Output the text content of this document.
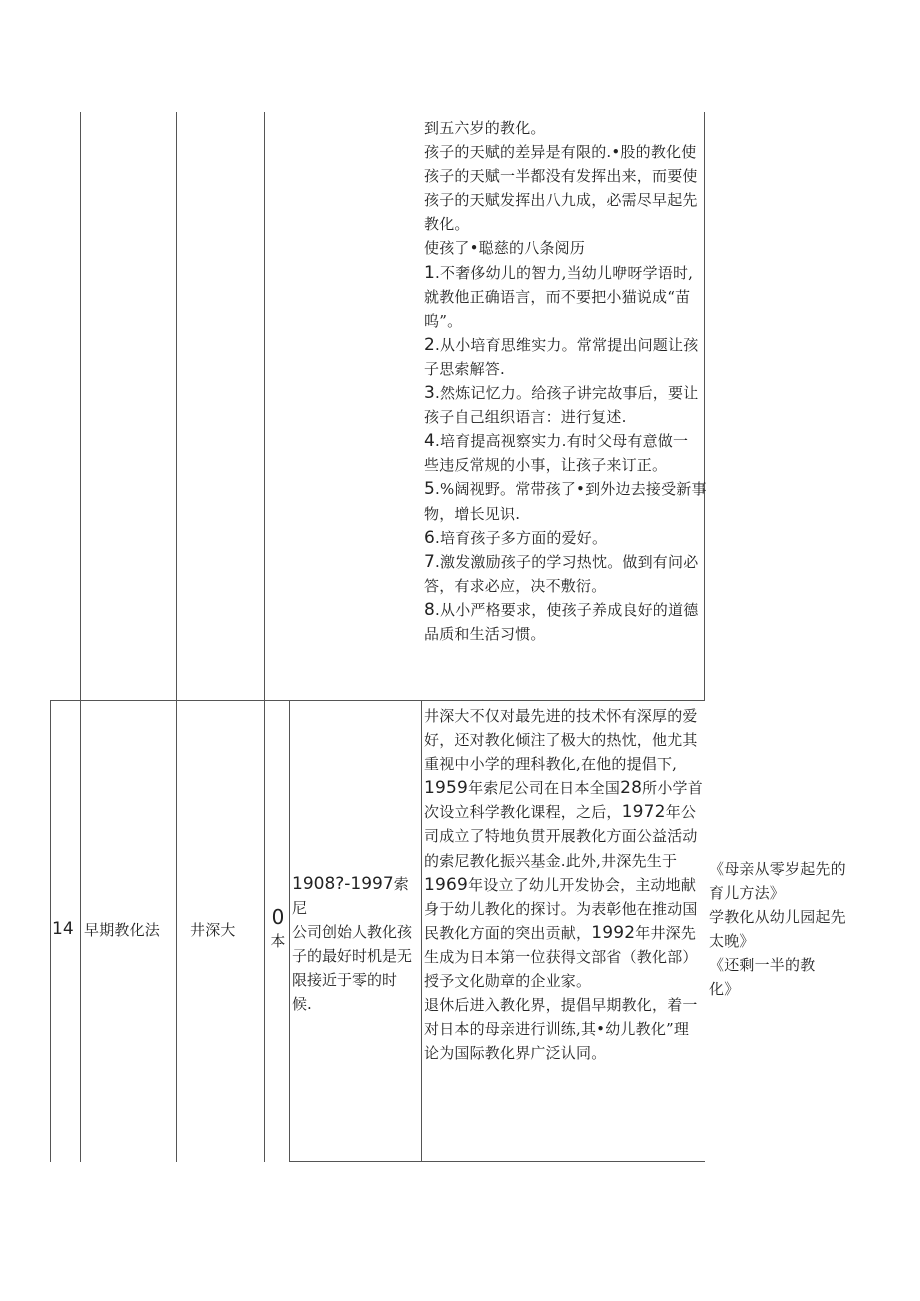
到五六岁的教化。

孩子的天赋的差异是有限的.•股的教化使

孩子的天赋一半都没有发挥出来，而要使

孩子的天赋发挥出八九成，必需尽早起先

教化。

使孩了•聪慈的八条阅历

1.不奢侈幼儿的智力,当幼儿咿呀学语时,

就教他正确语言，而不要把小猫说成“苗

呜”。

2.从小培育思维实力。常常提出问题让孩

子思索解答.

3.然炼记忆力。给孩子讲完故事后，要让

孩子自己组织语言：进行复述.

4.培育提高视察实力.有时父母有意做一

些违反常规的小事，让孩子来订正。

5.%阔视野。常带孩了•到外边去接受新事

物，增长见识.

6.培育孩子多方面的爱好。

7.激发激励孩子的学习热忱。做到有问必

答，有求必应，决不敷衍。

8.从小严格要求，使孩子养成良好的道德

品质和生活习惯。

14 早期教化法 井深大
0
本

1908?-1997索尼

公司创始人教化孩

子的最好时机是无

限接近于零的时

候.

井深大不仅对最先进的技术怀有深厚的爱

好，还对教化倾注了极大的热忱，他尤其

重视中小学的理科教化,在他的提倡下,

1959年索尼公司在日本全国28所小学首

次设立科学教化课程，之后，1972年公

司成立了特地负贯开展教化方面公益活动

的索尼教化振兴基金.此外,井深先生于

1969年设立了幼儿开发协会，主动地献

身于幼儿教化的探讨。为表彰他在推动国

民教化方面的突出贡献，1992年井深先

生成为日本第一位获得文部省（教化部）

授予文化勋章的企业家。

退休后进入教化界，提倡早期教化，着一

对日本的母亲进行训练,其•幼儿教化”理

论为国际教化界广泛认同。

《母亲从零岁起先的

育儿方法》

学教化从幼儿园起先

太晚》

《还剩一半的教

化》
